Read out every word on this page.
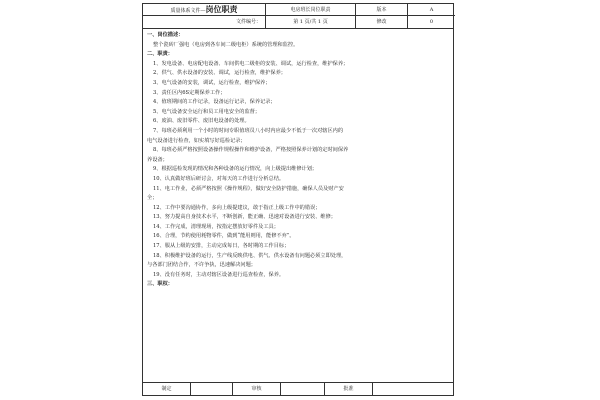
质量体系文件—岗位职责	电房班长岗位职责	版本	A
文件编号：	第 1 页/共 1 页	修改	0
一、岗位描述：
整个瓷砖厂强电（电房到各车间二级电柜）系统的管理和监控。
二、职责：
1、发电设备、电房配电设备、车间供电二级柜的安装、调试，运行检查，维护保养；
2、供气、供水设备的安装、调试，运行检查，维护保养；
3、电气设备的安装，调试，运行检查，维护保养；
3、责任区内6S定期保养工作；
4、值班期间的工作记录，设备运行记录，保养记录；
5、电气设备安全运行和员工用电安全的监督；
6、废油、废旧零件、废旧电设备的处理。
7、每班必须利用一个小时的时间专职值班员八小时内应最少不低于一次对辖区内的
电气设备进行检查，如实填写好巡检记录；
8、每班必须严格按照设备操作规程操作和维护设备，严格按照保养计划的定时间保养
养设备；
9、根据巡检发现的情况和各种设备的运行情况，向上级提出维修计划；
10、认真做好班后研讨会，对每天的工作进行分析总结。
11、电工作业，必须严格按照《操作规程》，做好安全防护措施，确保人员及财产安
全；
12、工作中要沟通协作，多向上级提建议，敢于指正上级工作中的错误；
13、努力提高自身技术水平，不断创新，能正确、迅速对设备进行安装、维修；
14、工作完成，清理现场，按指定摆放好零件及工具；
16、合理，节约使用耗物零件，做到“能用则用，能修不弃”。
17、服从上级的安排，主动完成每日，各时期的工作目标；
18、积极维护设备的运行，生产线反映供电、供气、供水设备有问题必须立即处理，
与各部门团结合作，不许争执，迅速解决问题；
19、没有任务时，主动对辖区设备进行巡查检查，保养。
三、职权：
制定	审核	批准
